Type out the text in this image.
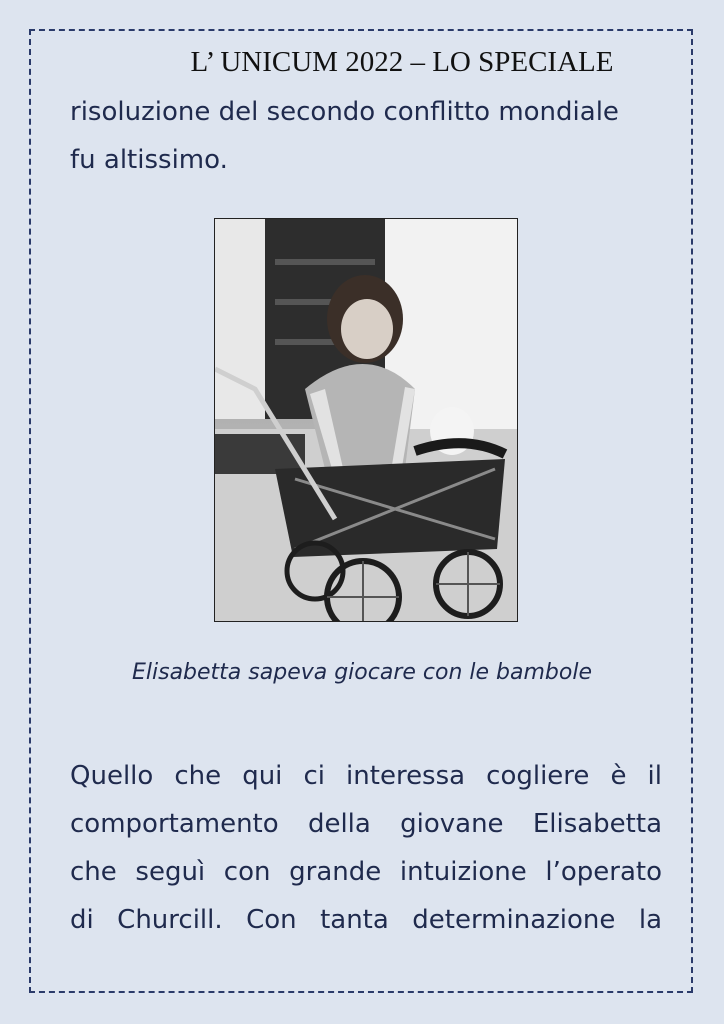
L’ UNICUM 2022 – LO SPECIALE
risoluzione del secondo conflitto mondiale
fu altissimo.
Elisabetta sapeva giocare con le bambole
Quello che qui ci interessa cogliere è il
comportamento della giovane Elisabetta
che seguì con grande intuizione l’operato
di Churcill. Con tanta determinazione la
